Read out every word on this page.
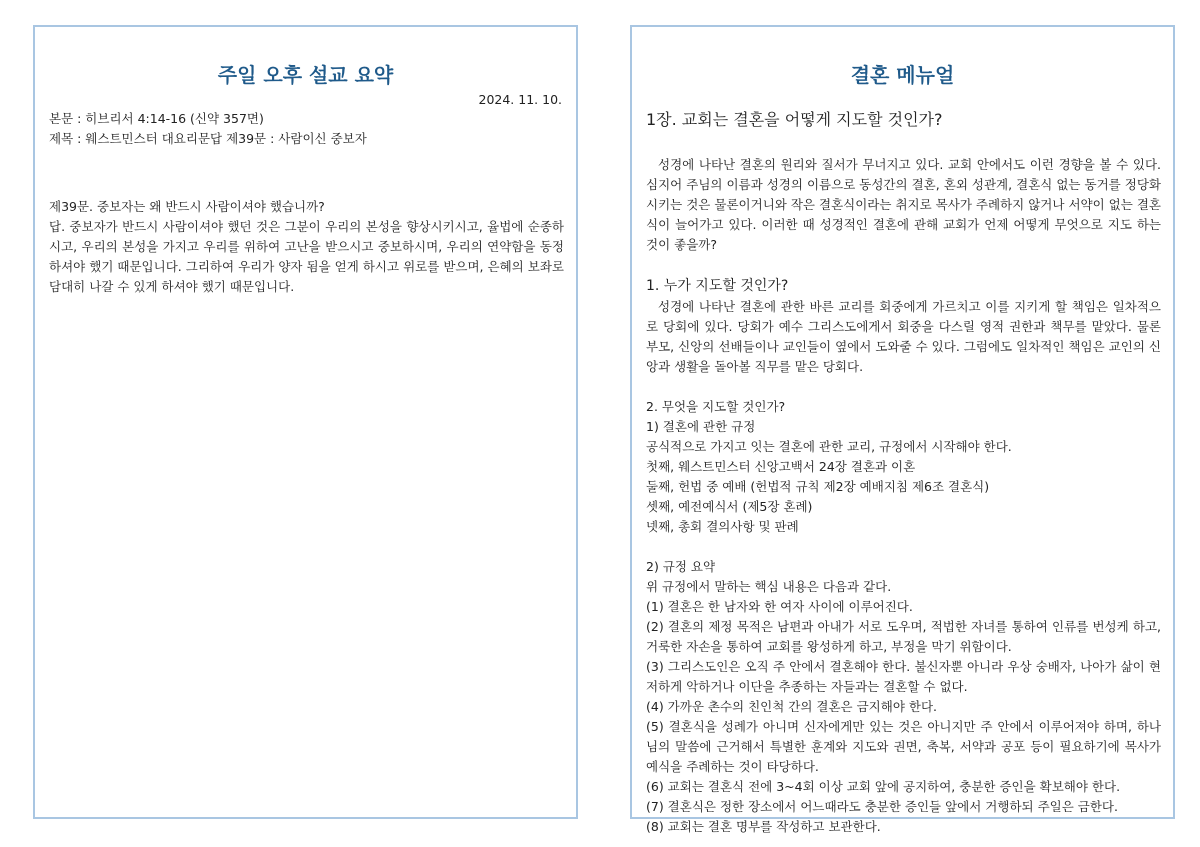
주일 오후 설교 요약
2024. 11. 10.

본문 : 히브리서 4:14-16 (신약 357면)

제목 : 웨스트민스터 대요리문답 제39문 : 사람이신 중보자

제39문. 중보자는 왜 반드시 사람이셔야 했습니까?

답. 중보자가 반드시 사람이셔야 했던 것은 그분이 우리의 본성을 향상시키시고, 율법에 순종하시고, 우리의 본성을 가지고 우리를 위하여 고난을 받으시고 중보하시며, 우리의 연약함을 동정하셔야 했기 때문입니다. 그리하여 우리가 양자 됨을 얻게 하시고 위로를 받으며, 은혜의 보좌로 담대히 나갈 수 있게 하셔야 했기 때문입니다.

결혼 메뉴얼
1장. 교회는 결혼을 어떻게 지도할 것인가?

성경에 나타난 결혼의 원리와 질서가 무너지고 있다. 교회 안에서도 이런 경향을 볼 수 있다. 심지어 주님의 이름과 성경의 이름으로 동성간의 결혼, 혼외 성관계, 결혼식 없는 동거를 정당화시키는 것은 물론이거니와 작은 결혼식이라는 취지로 목사가 주례하지 않거나 서약이 없는 결혼식이 늘어가고 있다. 이러한 때 성경적인 결혼에 관해 교회가 언제 어떻게 무엇으로 지도 하는 것이 좋을까?

1. 누가 지도할 것인가?

성경에 나타난 결혼에 관한 바른 교리를 회중에게 가르치고 이를 지키게 할 책임은 일차적으로 당회에 있다. 당회가 예수 그리스도에게서 회중을 다스릴 영적 권한과 책무를 맡았다. 물론 부모, 신앙의 선배들이나 교인들이 옆에서 도와줄 수 있다. 그럼에도 일차적인 책임은 교인의 신앙과 생활을 돌아볼 직무를 맡은 당회다.

2. 무엇을 지도할 것인가?

1) 결혼에 관한 규정

공식적으로 가지고 잇는 결혼에 관한 교리, 규정에서 시작해야 한다.

첫째, 웨스트민스터 신앙고백서 24장 결혼과 이혼

둘째, 헌법 중 예배 (헌법적 규칙 제2장 예배지침 제6조 결혼식)

셋째, 예전예식서 (제5장 혼례)

넷째, 총회 결의사항 및 판례

2) 규정 요약

위 규정에서 말하는 핵심 내용은 다음과 같다.

(1) 결혼은 한 남자와 한 여자 사이에 이루어진다.

(2) 결혼의 제정 목적은 남편과 아내가 서로 도우며, 적법한 자녀를 통하여 인류를 번성케 하고, 거룩한 자손을 통하여 교회를 왕성하게 하고, 부정을 막기 위함이다.

(3) 그리스도인은 오직 주 안에서 결혼해야 한다. 불신자뿐 아니라 우상 숭배자, 나아가 삶이 현저하게 악하거나 이단을 추종하는 자들과는 결혼할 수 없다.

(4) 가까운 촌수의 친인척 간의 결혼은 금지해야 한다.

(5) 결혼식을 성례가 아니며 신자에게만 있는 것은 아니지만 주 안에서 이루어져야 하며, 하나님의 말씀에 근거해서 특별한 훈계와 지도와 권면, 축복, 서약과 공포 등이 필요하기에 목사가 예식을 주례하는 것이 타당하다.

(6) 교회는 결혼식 전에 3~4회 이상 교회 앞에 공지하여, 충분한 증인을 확보해야 한다.

(7) 결혼식은 정한 장소에서 어느때라도 충분한 증인들 앞에서 거행하되 주일은 금한다.

(8) 교회는 결혼 명부를 작성하고 보관한다.
